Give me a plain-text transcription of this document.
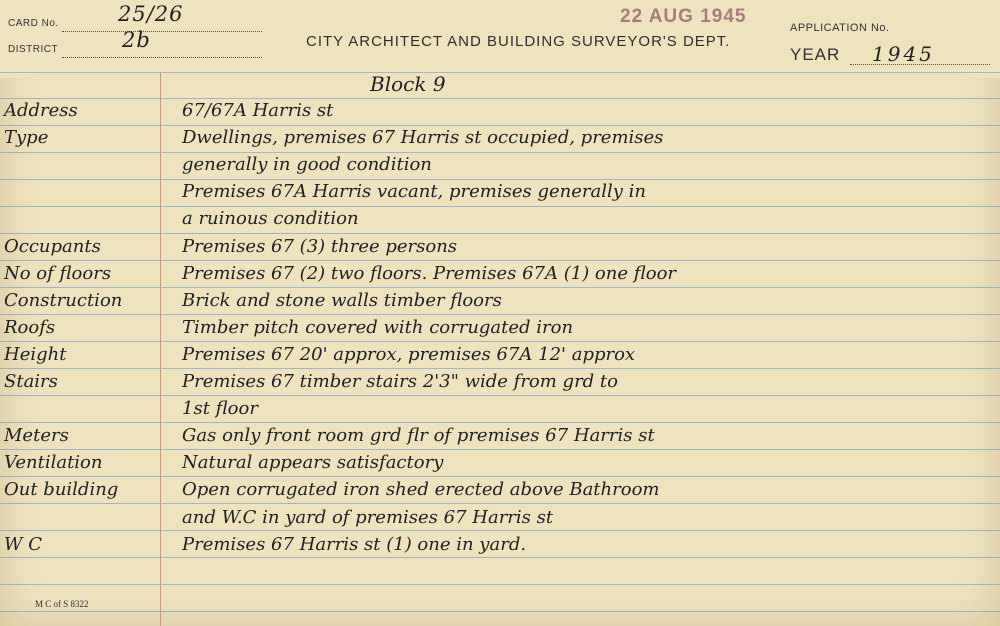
CARD No.	25/26
DISTRICT	2b	CITY ARCHITECT AND BUILDING SURVEYOR'S DEPT.
22 AUG 1945
APPLICATION No.
YEAR 1945
Block 9
Address	67/67A Harris st
Type	Dwellings, premises 67 Harris st occupied, premises
generally in good condition
Premises 67A Harris vacant, premises generally in
a ruinous condition
Occupants	Premises 67 (3) three persons
No of floors	Premises 67 (2) two floors. Premises 67A (1) one floor
Construction	Brick and stone walls timber floors
Roofs	Timber pitch covered with corrugated iron
Height	Premises 67 20' approx, premises 67A 12' approx
Stairs	Premises 67 timber stairs 2'3" wide from grd to
1st floor
Meters	Gas only front room grd flr of premises 67 Harris st
Ventilation	Natural appears satisfactory
Out building	Open corrugated iron shed erected above Bathroom
and W.C in yard of premises 67 Harris st
W C	Premises 67 Harris st (1) one in yard.
M C of S 8322
